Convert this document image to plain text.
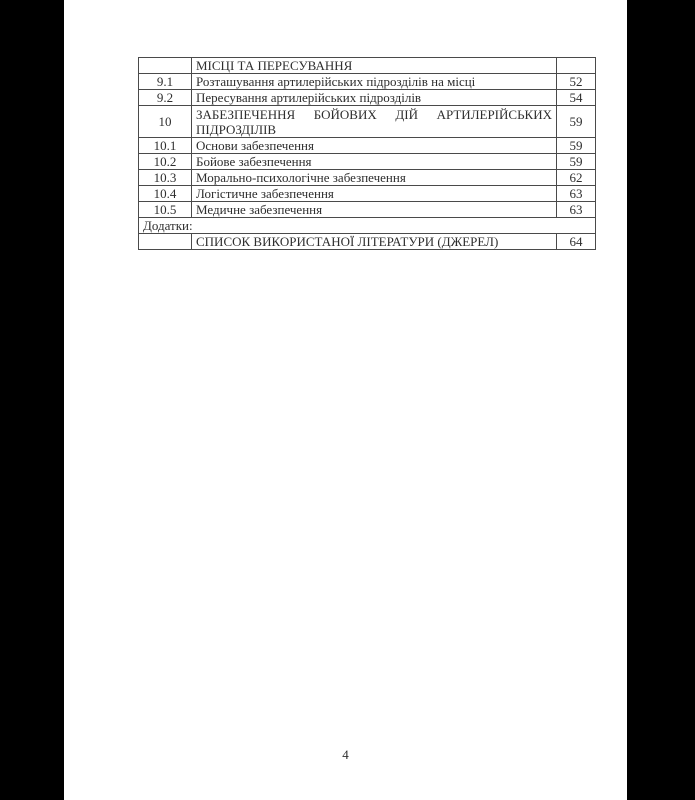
	МІСЦІ ТА ПЕРЕСУВАННЯ	
9.1	Розташування артилерійських підрозділів на місці	52
9.2	Пересування артилерійських підрозділів	54
10	ЗАБЕЗПЕЧЕННЯ БОЙОВИХ ДІЙ АРТИЛЕРІЙСЬКИХ ПІДРОЗДІЛІВ	59
10.1	Основи забезпечення	59
10.2	Бойове забезпечення	59
10.3	Морально-психологічне забезпечення	62
10.4	Логістичне забезпечення	63
10.5	Медичне забезпечення	63
Додатки:		
	СПИСОК ВИКОРИСТАНОЇ ЛІТЕРАТУРИ (ДЖЕРЕЛ)	64
4
